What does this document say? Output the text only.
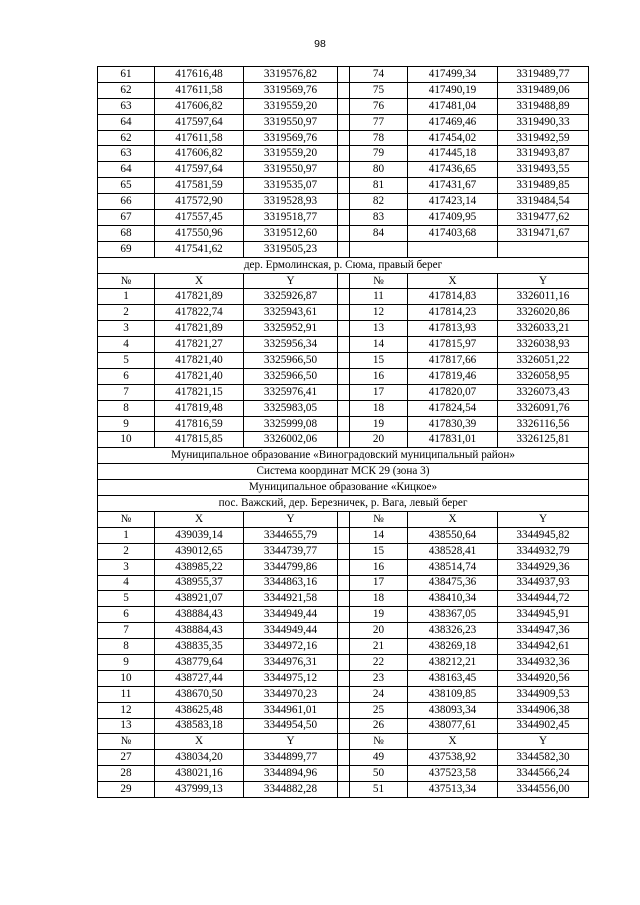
98
61	417616,48	3319576,82		74	417499,34	3319489,77
62	417611,58	3319569,76		75	417490,19	3319489,06
63	417606,82	3319559,20		76	417481,04	3319488,89
64	417597,64	3319550,97		77	417469,46	3319490,33
62	417611,58	3319569,76		78	417454,02	3319492,59
63	417606,82	3319559,20		79	417445,18	3319493,87
64	417597,64	3319550,97		80	417436,65	3319493,55
65	417581,59	3319535,07		81	417431,67	3319489,85
66	417572,90	3319528,93		82	417423,14	3319484,54
67	417557,45	3319518,77		83	417409,95	3319477,62
68	417550,96	3319512,60		84	417403,68	3319471,67
69	417541,62	3319505,23				
дер. Ермолинская, р. Сюма, правый берег						
№	X	Y		№	X	Y
1	417821,89	3325926,87		11	417814,83	3326011,16
2	417822,74	3325943,61		12	417814,23	3326020,86
3	417821,89	3325952,91		13	417813,93	3326033,21
4	417821,27	3325956,34		14	417815,97	3326038,93
5	417821,40	3325966,50		15	417817,66	3326051,22
6	417821,40	3325966,50		16	417819,46	3326058,95
7	417821,15	3325976,41		17	417820,07	3326073,43
8	417819,48	3325983,05		18	417824,54	3326091,76
9	417816,59	3325999,08		19	417830,39	3326116,56
10	417815,85	3326002,06		20	417831,01	3326125,81
Муниципальное образование «Виноградовский муниципальный район»						
Система координат МСК 29 (зона 3)						
Муниципальное образование «Кицкое»						
пос. Важский, дер. Березничек, р. Вага, левый берег						
№	X	Y		№	X	Y
1	439039,14	3344655,79		14	438550,64	3344945,82
2	439012,65	3344739,77		15	438528,41	3344932,79
3	438985,22	3344799,86		16	438514,74	3344929,36
4	438955,37	3344863,16		17	438475,36	3344937,93
5	438921,07	3344921,58		18	438410,34	3344944,72
6	438884,43	3344949,44		19	438367,05	3344945,91
7	438884,43	3344949,44		20	438326,23	3344947,36
8	438835,35	3344972,16		21	438269,18	3344942,61
9	438779,64	3344976,31		22	438212,21	3344932,36
10	438727,44	3344975,12		23	438163,45	3344920,56
11	438670,50	3344970,23		24	438109,85	3344909,53
12	438625,48	3344961,01		25	438093,34	3344906,38
13	438583,18	3344954,50		26	438077,61	3344902,45
№	X	Y		№	X	Y
27	438034,20	3344899,77		49	437538,92	3344582,30
28	438021,16	3344894,96		50	437523,58	3344566,24
29	437999,13	3344882,28		51	437513,34	3344556,00
